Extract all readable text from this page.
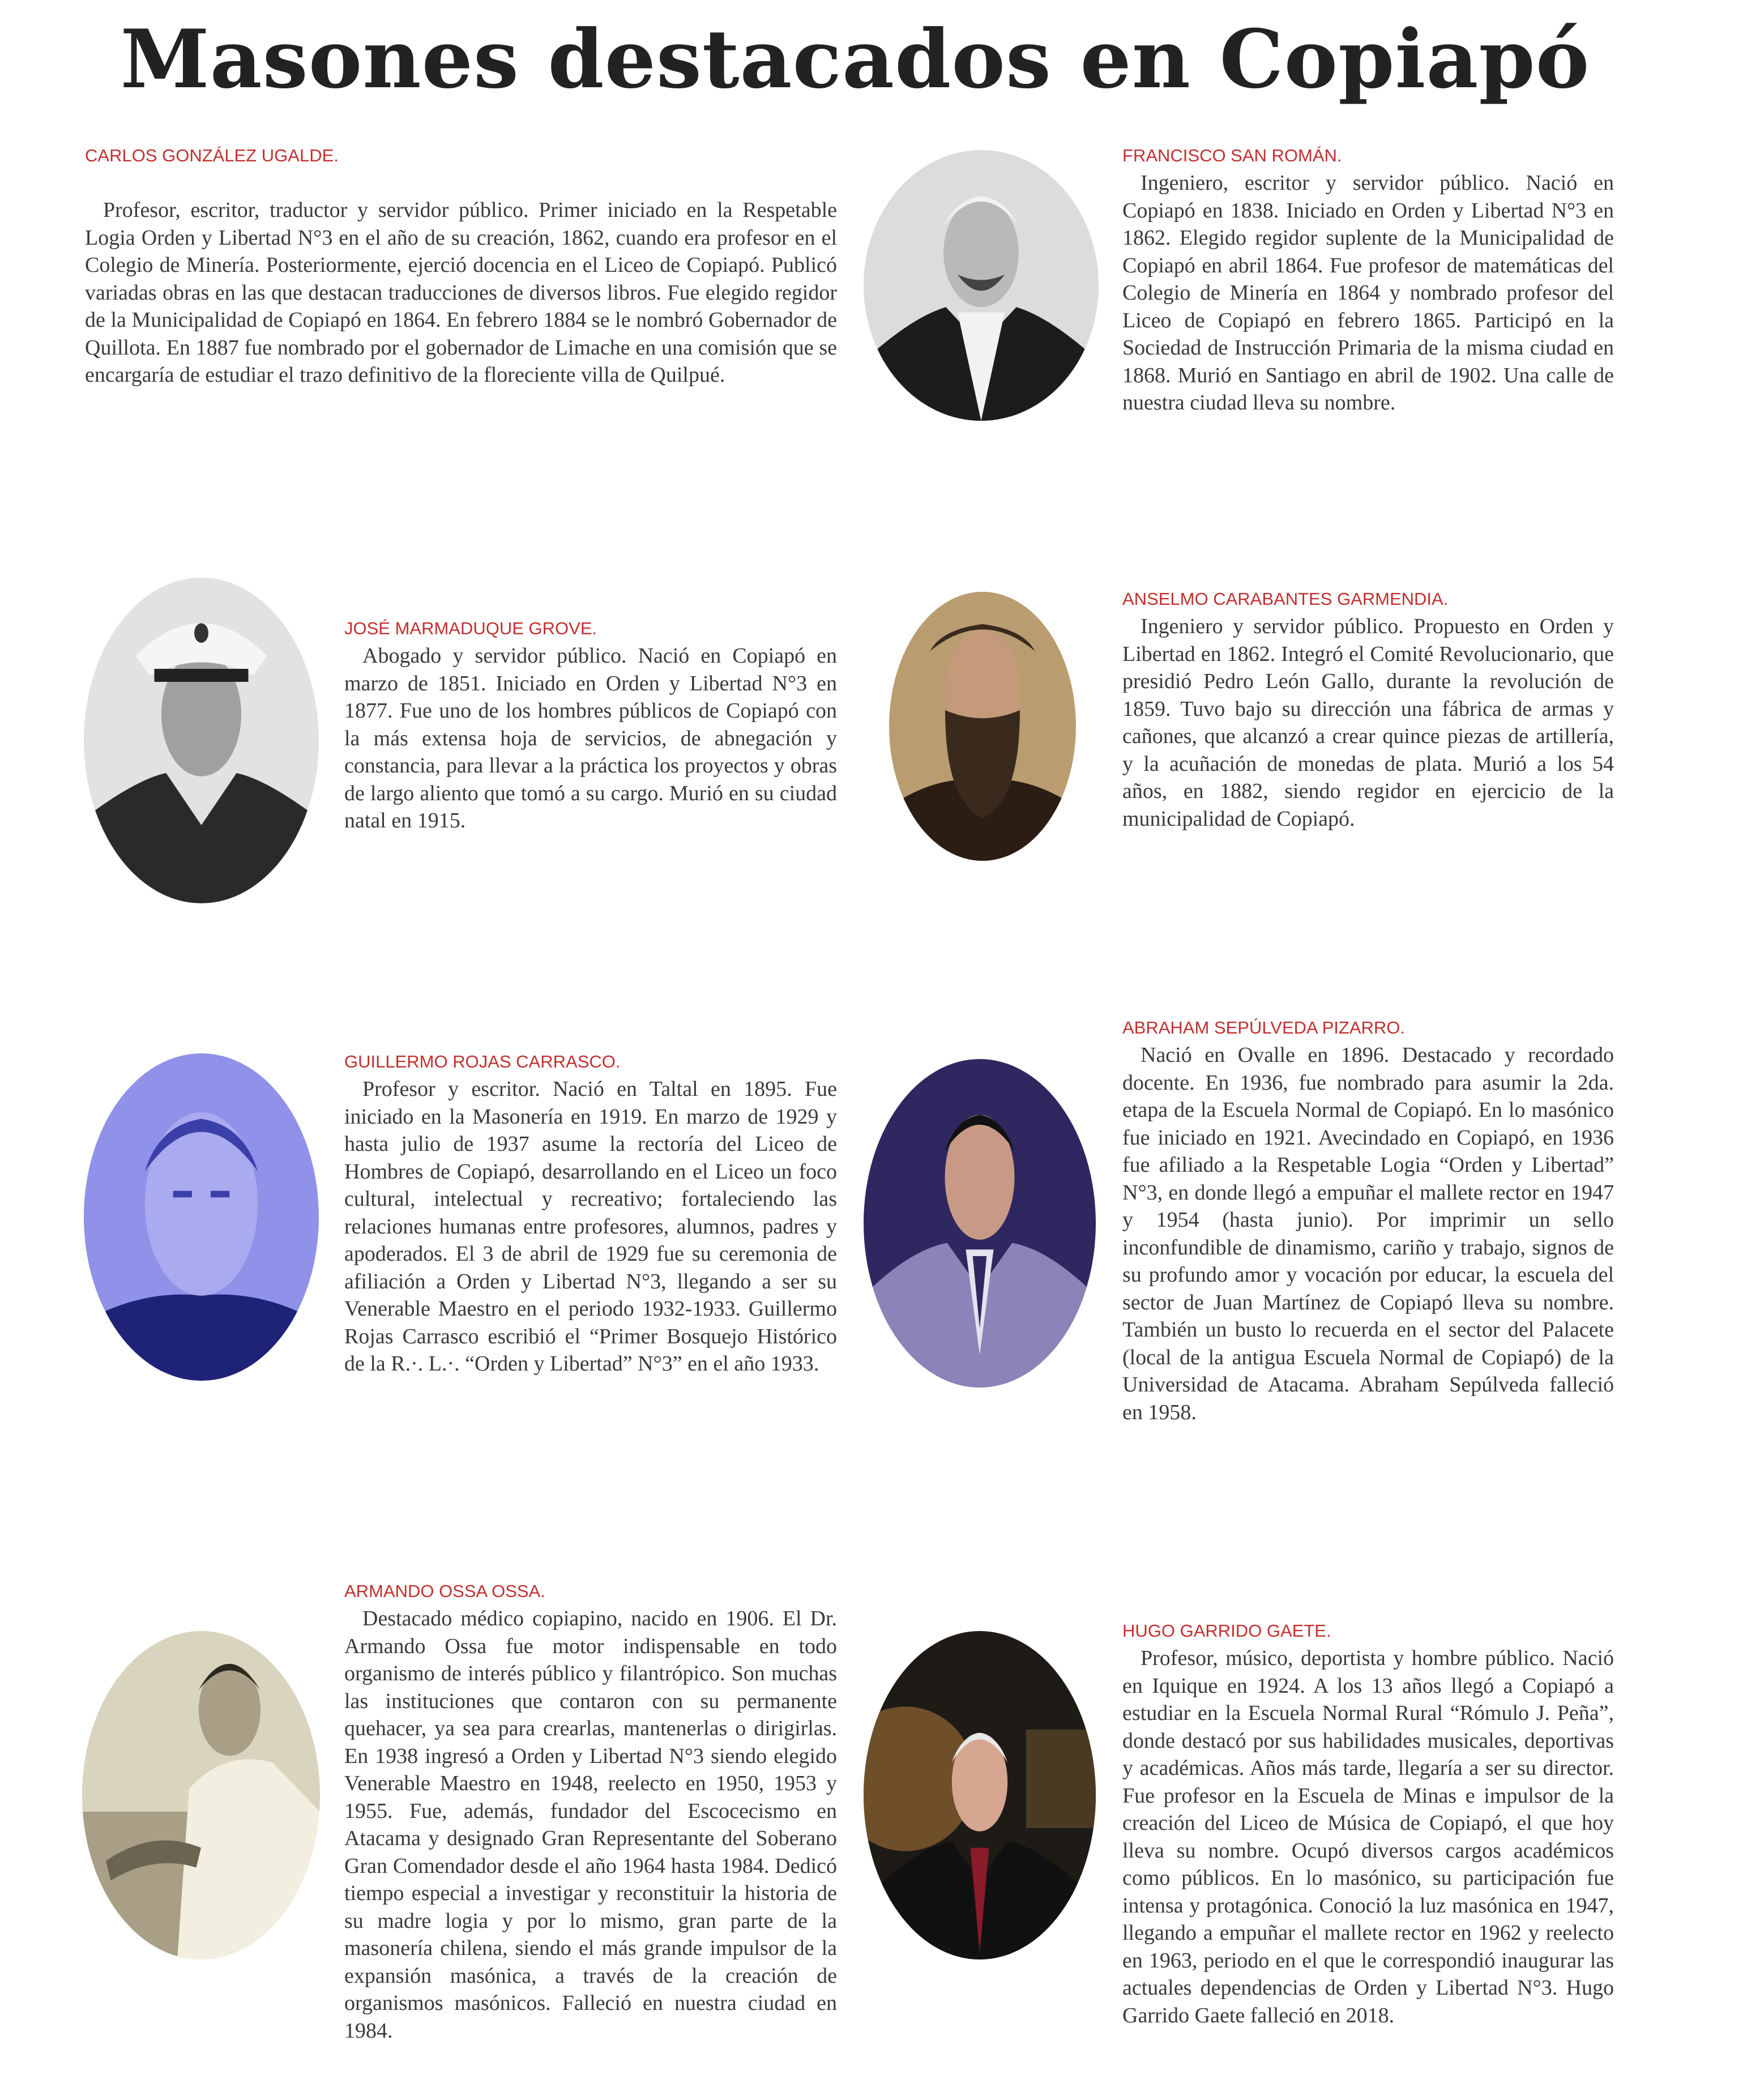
Masones destacados en Copiapó

CARLOS GONZÁLEZ UGALDE.

Profesor, escritor, traductor y servidor público. Primer iniciado en la Respetable Logia Orden y Libertad N°3 en el año de su creación, 1862, cuando era profesor en el Colegio de Minería. Posteriormente, ejerció docencia en el Liceo de Copiapó. Publicó variadas obras en las que destacan traducciones de diversos libros. Fue elegido regidor de la Municipalidad de Copiapó en 1864. En febrero 1884 se le nombró Gobernador de Quillota. En 1887 fue nombrado por el gobernador de Limache en una comisión que se encargaría de estudiar el trazo definitivo de la floreciente villa de Quilpué.

FRANCISCO SAN ROMÁN.

Ingeniero, escritor y servidor público. Nació en Copiapó en 1838. Iniciado en Orden y Libertad N°3 en 1862. Elegido regidor suplente de la Municipalidad de Copiapó en abril 1864. Fue profesor de matemáticas del Colegio de Minería en 1864 y nombrado profesor del Liceo de Copiapó en febrero 1865. Participó en la Sociedad de Instrucción Primaria de la misma ciudad en 1868. Murió en Santiago en abril de 1902. Una calle de nuestra ciudad lleva su nombre.

JOSÉ MARMADUQUE GROVE.

Abogado y servidor público. Nació en Copiapó en marzo de 1851. Iniciado en Orden y Libertad N°3 en 1877. Fue uno de los hombres públicos de Copiapó con la más extensa hoja de servicios, de abnegación y constancia, para llevar a la práctica los proyectos y obras de largo aliento que tomó a su cargo. Murió en su ciudad natal en 1915.

ANSELMO CARABANTES GARMENDIA.

Ingeniero y servidor público. Propuesto en Orden y Libertad en 1862. Integró el Comité Revolucionario, que presidió Pedro León Gallo, durante la revolución de 1859. Tuvo bajo su dirección una fábrica de armas y cañones, que alcanzó a crear quince piezas de artillería, y la acuñación de monedas de plata. Murió a los 54 años, en 1882, siendo regidor en ejercicio de la municipalidad de Copiapó.

GUILLERMO ROJAS CARRASCO.

Profesor y escritor. Nació en Taltal en 1895. Fue iniciado en la Masonería en 1919. En marzo de 1929 y hasta julio de 1937 asume la rectoría del Liceo de Hombres de Copiapó, desarrollando en el Liceo un foco cultural, intelectual y recreativo; fortaleciendo las relaciones humanas entre profesores, alumnos, padres y apoderados. El 3 de abril de 1929 fue su ceremonia de afiliación a Orden y Libertad N°3, llegando a ser su Venerable Maestro en el periodo 1932-1933. Guillermo Rojas Carrasco escribió el “Primer Bosquejo Histórico de la R.·. L.·. “Orden y Libertad” N°3” en el año 1933.

ABRAHAM SEPÚLVEDA PIZARRO.

Nació en Ovalle en 1896. Destacado y recordado docente. En 1936, fue nombrado para asumir la 2da. etapa de la Escuela Normal de Copiapó. En lo masónico fue iniciado en 1921. Avecindado en Copiapó, en 1936 fue afiliado a la Respetable Logia “Orden y Libertad” N°3, en donde llegó a empuñar el mallete rector en 1947 y 1954 (hasta junio). Por imprimir un sello inconfundible de dinamismo, cariño y trabajo, signos de su profundo amor y vocación por educar, la escuela del sector de Juan Martínez de Copiapó lleva su nombre. También un busto lo recuerda en el sector del Palacete (local de la antigua Escuela Normal de Copiapó) de la Universidad de Atacama. Abraham Sepúlveda falleció en 1958.

ARMANDO OSSA OSSA.

Destacado médico copiapino, nacido en 1906. El Dr. Armando Ossa fue motor indispensable en todo organismo de interés público y filantrópico. Son muchas las instituciones que contaron con su permanente quehacer, ya sea para crearlas, mantenerlas o dirigirlas. En 1938 ingresó a Orden y Libertad N°3 siendo elegido Venerable Maestro en 1948, reelecto en 1950, 1953 y 1955. Fue, además, fundador del Escocecismo en Atacama y designado Gran Representante del Soberano Gran Comendador desde el año 1964 hasta 1984. Dedicó tiempo especial a investigar y reconstituir la historia de su madre logia y por lo mismo, gran parte de la masonería chilena, siendo el más grande impulsor de la expansión masónica, a través de la creación de organismos masónicos. Falleció en nuestra ciudad en 1984.

HUGO GARRIDO GAETE.

Profesor, músico, deportista y hombre público. Nació en Iquique en 1924. A los 13 años llegó a Copiapó a estudiar en la Escuela Normal Rural “Rómulo J. Peña”, donde destacó por sus habilidades musicales, deportivas y académicas. Años más tarde, llegaría a ser su director. Fue profesor en la Escuela de Minas e impulsor de la creación del Liceo de Música de Copiapó, el que hoy lleva su nombre. Ocupó diversos cargos académicos como públicos. En lo masónico, su participación fue intensa y protagónica. Conoció la luz masónica en 1947, llegando a empuñar el mallete rector en 1962 y reelecto en 1963, periodo en el que le correspondió inaugurar las actuales dependencias de Orden y Libertad N°3. Hugo Garrido Gaete falleció en 2018.
